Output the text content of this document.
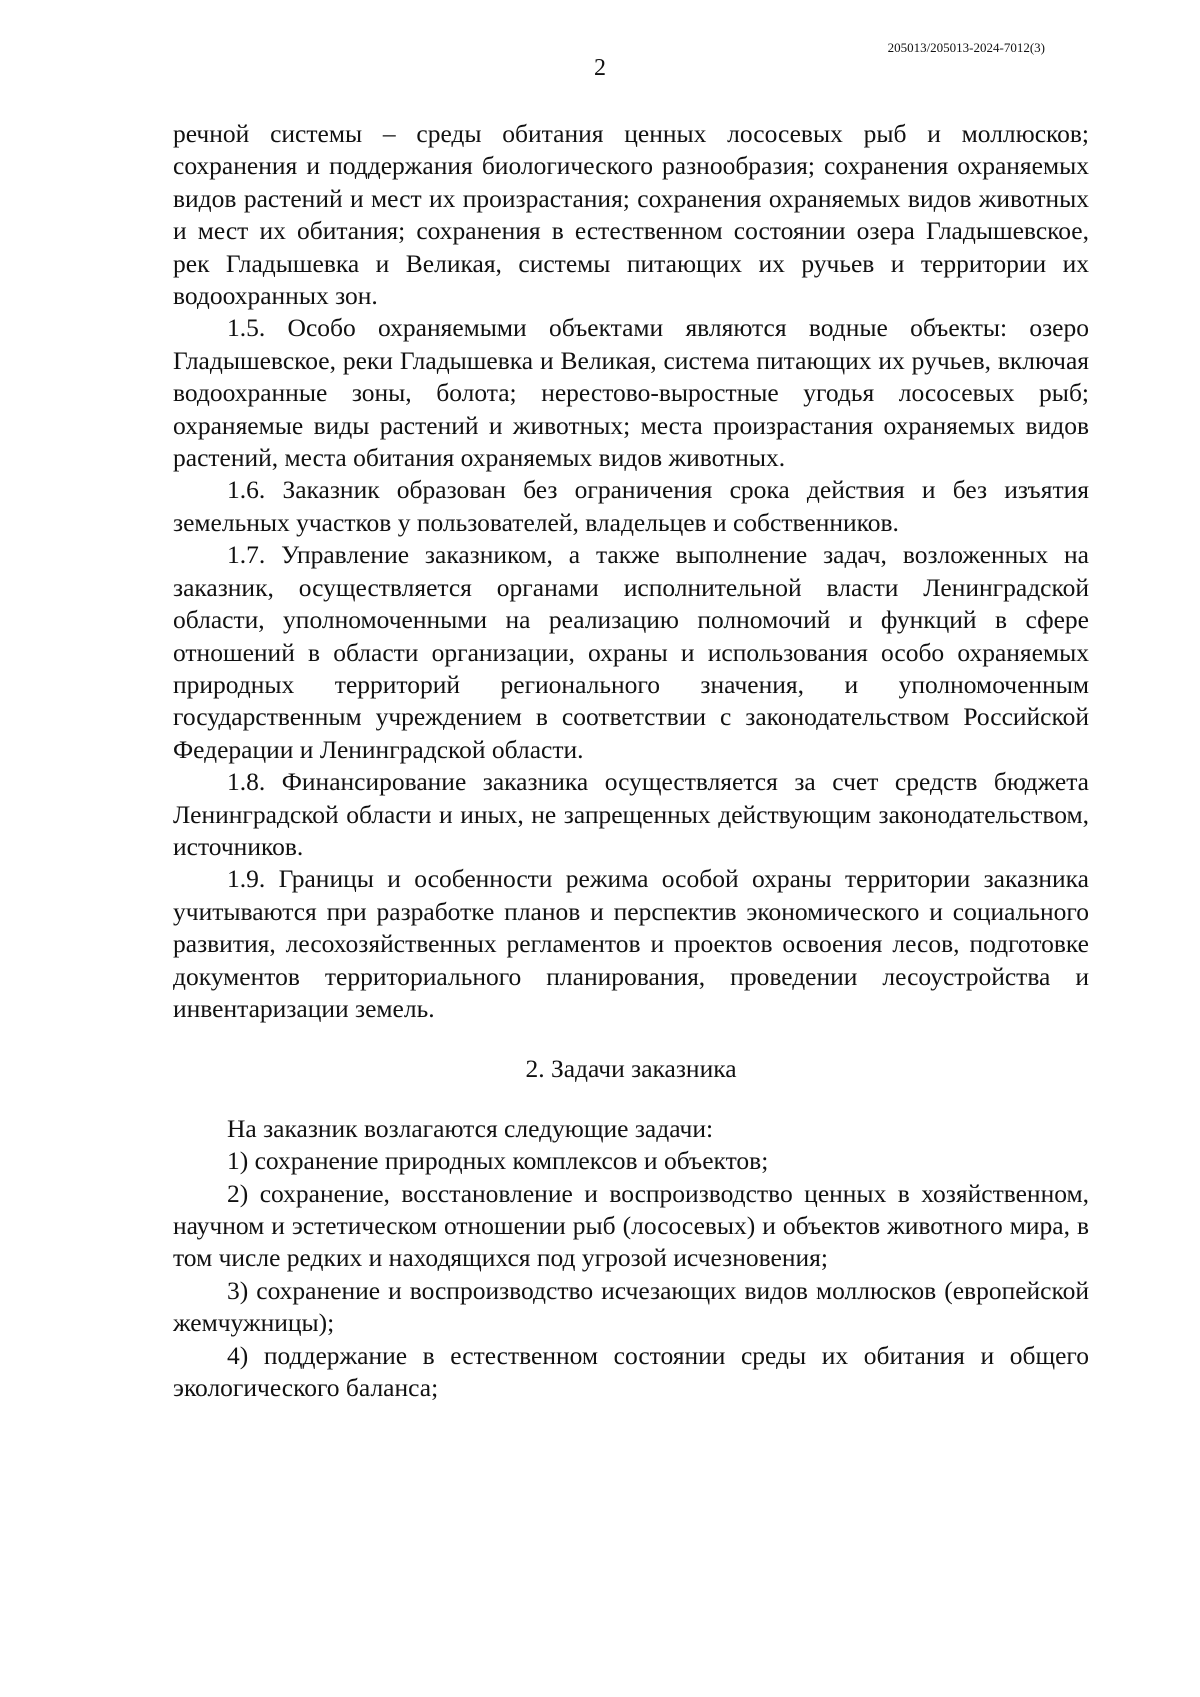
205013/205013-2024-7012(3)
2

речной системы – среды обитания ценных лососевых рыб и моллюсков; сохранения и поддержания биологического разнообразия; сохранения охраняемых видов растений и мест их произрастания; сохранения охраняемых видов животных и мест их обитания; сохранения в естественном состоянии озера Гладышевское, рек Гладышевка и Великая, системы питающих их ручьев и территории их водоохранных зон.

1.5. Особо охраняемыми объектами являются водные объекты: озеро Гладышевское, реки Гладышевка и Великая, система питающих их ручьев, включая водоохранные зоны, болота; нерестово-выростные угодья лососевых рыб; охраняемые виды растений и животных; места произрастания охраняемых видов растений, места обитания охраняемых видов животных.

1.6. Заказник образован без ограничения срока действия и без изъятия земельных участков у пользователей, владельцев и собственников.

1.7. Управление заказником, а также выполнение задач, возложенных на заказник, осуществляется органами исполнительной власти Ленинградской области, уполномоченными на реализацию полномочий и функций в сфере отношений в области организации, охраны и использования особо охраняемых природных территорий регионального значения, и уполномоченным государственным учреждением в соответствии с законодательством Российской Федерации и Ленинградской области.

1.8. Финансирование заказника осуществляется за счет средств бюджета Ленинградской области и иных, не запрещенных действующим законодательством, источников.

1.9. Границы и особенности режима особой охраны территории заказника учитываются при разработке планов и перспектив экономического и социального развития, лесохозяйственных регламентов и проектов освоения лесов, подготовке документов территориального планирования, проведении лесоустройства и инвентаризации земель.

2. Задачи заказника

На заказник возлагаются следующие задачи:

1) сохранение природных комплексов и объектов;

2) сохранение, восстановление и воспроизводство ценных в хозяйственном, научном и эстетическом отношении рыб (лососевых) и объектов животного мира, в том числе редких и находящихся под угрозой исчезновения;

3) сохранение и воспроизводство исчезающих видов моллюсков (европейской жемчужницы);

4) поддержание в естественном состоянии среды их обитания и общего экологического баланса;
